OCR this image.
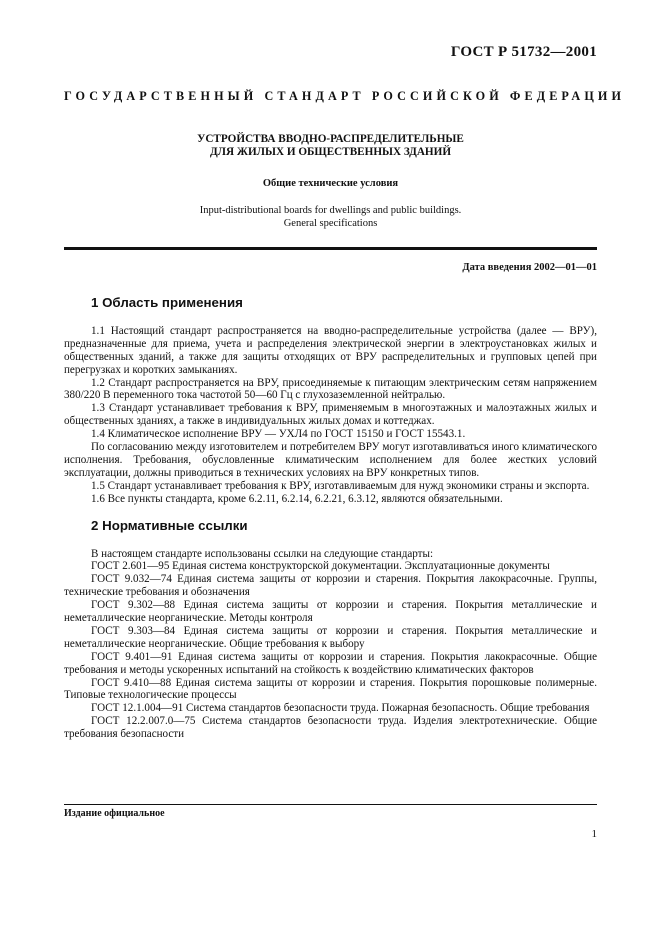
ГОСТ Р 51732—2001
ГОСУДАРСТВЕННЫЙ СТАНДАРТ РОССИЙСКОЙ ФЕДЕРАЦИИ
УСТРОЙСТВА ВВОДНО-РАСПРЕДЕЛИТЕЛЬНЫЕ
ДЛЯ ЖИЛЫХ И ОБЩЕСТВЕННЫХ ЗДАНИЙ
Общие технические условия
Input-distributional boards for dwellings and public buildings.
General specifications
Дата введения 2002—01—01
1 Область применения

1.1 Настоящий стандарт распространяется на вводно-распределительные устройства (далее — ВРУ), предназначенные для приема, учета и распределения электрической энергии в электроустановках жилых и общественных зданий, а также для защиты отходящих от ВРУ распределительных и групповых цепей при перегрузках и коротких замыканиях.

1.2 Стандарт распространяется на ВРУ, присоединяемые к питающим электрическим сетям напряжением 380/220 В переменного тока частотой 50—60 Гц с глухозаземленной нейтралью.

1.3 Стандарт устанавливает требования к ВРУ, применяемым в многоэтажных и малоэтажных жилых и общественных зданиях, а также в индивидуальных жилых домах и коттеджах.

1.4 Климатическое исполнение ВРУ — УХЛ4 по ГОСТ 15150 и ГОСТ 15543.1.

По согласованию между изготовителем и потребителем ВРУ могут изготавливаться иного климатического исполнения. Требования, обусловленные климатическим исполнением для более жестких условий эксплуатации, должны приводиться в технических условиях на ВРУ конкретных типов.

1.5 Стандарт устанавливает требования к ВРУ, изготавливаемым для нужд экономики страны и экспорта.

1.6 Все пункты стандарта, кроме 6.2.11, 6.2.14, 6.2.21, 6.3.12, являются обязательными.

2 Нормативные ссылки

В настоящем стандарте использованы ссылки на следующие стандарты:

ГОСТ 2.601—95 Единая система конструкторской документации. Эксплуатационные документы

ГОСТ 9.032—74 Единая система защиты от коррозии и старения. Покрытия лакокрасочные. Группы, технические требования и обозначения

ГОСТ 9.302—88 Единая система защиты от коррозии и старения. Покрытия металлические и неметаллические неорганические. Методы контроля

ГОСТ 9.303—84 Единая система защиты от коррозии и старения. Покрытия металлические и неметаллические неорганические. Общие требования к выбору

ГОСТ 9.401—91 Единая система защиты от коррозии и старения. Покрытия лакокрасочные. Общие требования и методы ускоренных испытаний на стойкость к воздействию климатических факторов

ГОСТ 9.410—88 Единая система защиты от коррозии и старения. Покрытия порошковые полимерные. Типовые технологические процессы

ГОСТ 12.1.004—91 Система стандартов безопасности труда. Пожарная безопасность. Общие требования

ГОСТ 12.2.007.0—75 Система стандартов безопасности труда. Изделия электротехнические. Общие требования безопасности

Издание официальное
1
